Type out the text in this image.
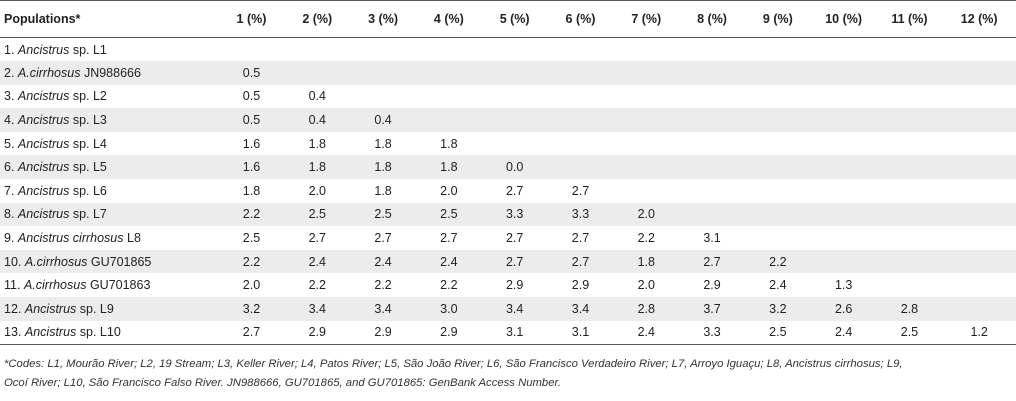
Populations*	1 (%)	2 (%)	3 (%)	4 (%)	5 (%)	6 (%)	7 (%)	8 (%)	9 (%)	10 (%)	11 (%)	12 (%)
1. Ancistrus sp. L1												
2. A.cirrhosus JN988666	0.5											
3. Ancistrus sp. L2	0.5	0.4										
4. Ancistrus sp. L3	0.5	0.4	0.4									
5. Ancistrus sp. L4	1.6	1.8	1.8	1.8								
6. Ancistrus sp. L5	1.6	1.8	1.8	1.8	0.0							
7. Ancistrus sp. L6	1.8	2.0	1.8	2.0	2.7	2.7						
8. Ancistrus sp. L7	2.2	2.5	2.5	2.5	3.3	3.3	2.0					
9. Ancistrus cirrhosus L8	2.5	2.7	2.7	2.7	2.7	2.7	2.2	3.1				
10. A.cirrhosus GU701865	2.2	2.4	2.4	2.4	2.7	2.7	1.8	2.7	2.2			
11. A.cirrhosus GU701863	2.0	2.2	2.2	2.2	2.9	2.9	2.0	2.9	2.4	1.3		
12. Ancistrus sp. L9	3.2	3.4	3.4	3.0	3.4	3.4	2.8	3.7	3.2	2.6	2.8	
13. Ancistrus sp. L10	2.7	2.9	2.9	2.9	3.1	3.1	2.4	3.3	2.5	2.4	2.5	1.2
*Codes: L1, Mourão River; L2, 19 Stream; L3, Keller River; L4, Patos River; L5, São João River; L6, São Francisco Verdadeiro River; L7, Arroyo Iguaçu; L8, Ancistrus cirrhosus; L9,
Ocoí River; L10, São Francisco Falso River. JN988666, GU701865, and GU701865: GenBank Access Number.
